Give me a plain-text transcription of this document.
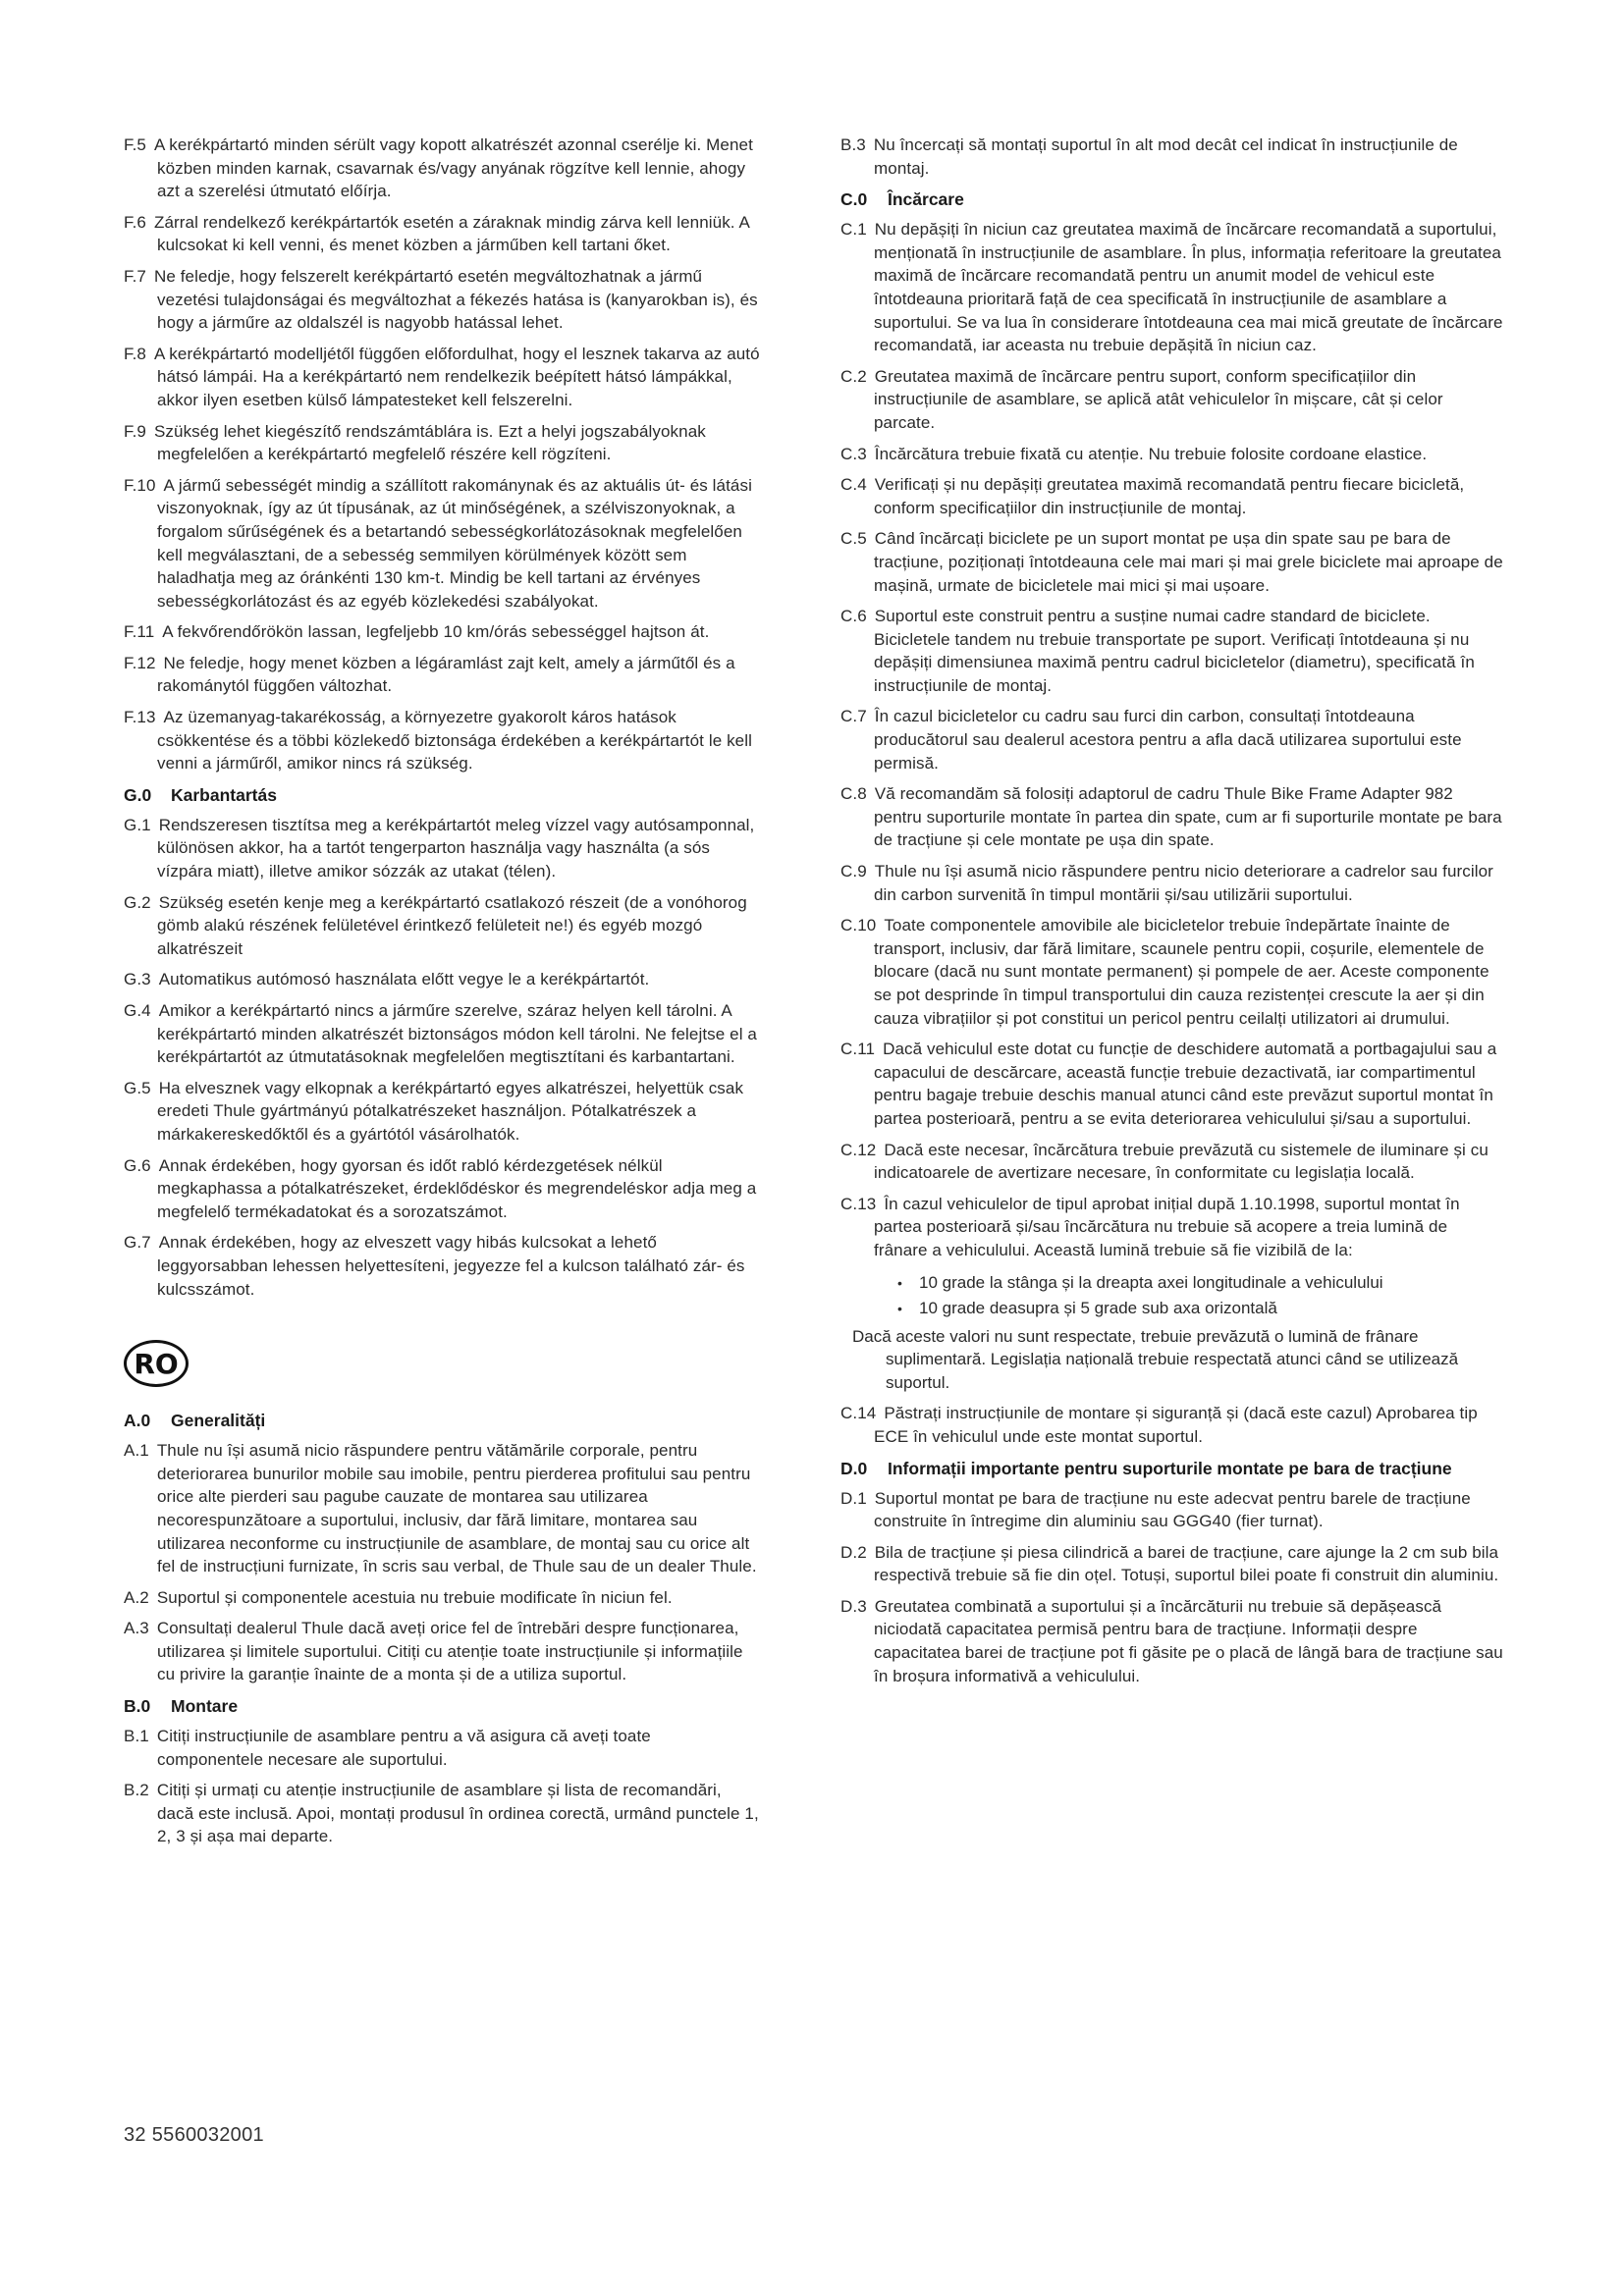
F.5 A kerékpártartó minden sérült vagy kopott alkatrészét azonnal cserélje ki. Menet közben minden karnak, csavarnak és/vagy anyának rögzítve kell lennie, ahogy azt a szerelési útmutató előírja.

F.6 Zárral rendelkező kerékpártartók esetén a záraknak mindig zárva kell lenniük. A kulcsokat ki kell venni, és menet közben a járműben kell tartani őket.

F.7 Ne feledje, hogy felszerelt kerékpártartó esetén megváltozhatnak a jármű vezetési tulajdonságai és megváltozhat a fékezés hatása is (kanyarokban is), és hogy a járműre az oldalszél is nagyobb hatással lehet.

F.8 A kerékpártartó modelljétől függően előfordulhat, hogy el lesznek takarva az autó hátsó lámpái. Ha a kerékpártartó nem rendelkezik beépített hátsó lámpákkal, akkor ilyen esetben külső lámpatesteket kell felszerelni.

F.9 Szükség lehet kiegészítő rendszámtáblára is. Ezt a helyi jogszabályoknak megfelelően a kerékpártartó megfelelő részére kell rögzíteni.

F.10 A jármű sebességét mindig a szállított rakománynak és az aktuális út- és látási viszonyoknak, így az út típusának, az út minőségének, a szélviszonyoknak, a forgalom sűrűségének és a betartandó sebességkorlátozásoknak megfelelően kell megválasztani, de a sebesség semmilyen körülmények között sem haladhatja meg az óránkénti 130 km-t. Mindig be kell tartani az érvényes sebességkorlátozást és az egyéb közlekedési szabályokat.

F.11 A fekvőrendőrökön lassan, legfeljebb 10 km/órás sebességgel hajtson át.

F.12 Ne feledje, hogy menet közben a légáramlást zajt kelt, amely a járműtől és a rakománytól függően változhat.

F.13 Az üzemanyag-takarékosság, a környezetre gyakorolt káros hatások csökkentése és a többi közlekedő biztonsága érdekében a kerékpártartót le kell venni a járműről, amikor nincs rá szükség.

G.0 Karbantartás

G.1 Rendszeresen tisztítsa meg a kerékpártartót meleg vízzel vagy autósamponnal, különösen akkor, ha a tartót tengerparton használja vagy használta (a sós vízpára miatt), illetve amikor sózzák az utakat (télen).

G.2 Szükség esetén kenje meg a kerékpártartó csatlakozó részeit (de a vonóhorog gömb alakú részének felületével érintkező felületeit ne!) és egyéb mozgó alkatrészeit

G.3 Automatikus autómosó használata előtt vegye le a kerékpártartót.

G.4 Amikor a kerékpártartó nincs a járműre szerelve, száraz helyen kell tárolni. A kerékpártartó minden alkatrészét biztonságos módon kell tárolni. Ne felejtse el a kerékpártartót az útmutatásoknak megfelelően megtisztítani és karbantartani.

G.5 Ha elvesznek vagy elkopnak a kerékpártartó egyes alkatrészei, helyettük csak eredeti Thule gyártmányú pótalkatrészeket használjon. Pótalkatrészek a márkakereskedőktől és a gyártótól vásárolhatók.

G.6 Annak érdekében, hogy gyorsan és időt rabló kérdezgetések nélkül megkaphassa a pótalkatrészeket, érdeklődéskor és megrendeléskor adja meg a megfelelő termékadatokat és a sorozatszámot.

G.7 Annak érdekében, hogy az elveszett vagy hibás kulcsokat a lehető leggyorsabban lehessen helyettesíteni, jegyezze fel a kulcson található zár- és kulcsszámot.

RO
A.0 Generalități

A.1 Thule nu își asumă nicio răspundere pentru vătămările corporale, pentru deteriorarea bunurilor mobile sau imobile, pentru pierderea profitului sau pentru orice alte pierderi sau pagube cauzate de montarea sau utilizarea necorespunzătoare a suportului, inclusiv, dar fără limitare, montarea sau utilizarea neconforme cu instrucțiunile de asamblare, de montaj sau cu orice alt fel de instrucțiuni furnizate, în scris sau verbal, de Thule sau de un dealer Thule.

A.2 Suportul și componentele acestuia nu trebuie modificate în niciun fel.

A.3 Consultați dealerul Thule dacă aveți orice fel de întrebări despre funcționarea, utilizarea și limitele suportului. Citiți cu atenție toate instrucțiunile și informațiile cu privire la garanție înainte de a monta și de a utiliza suportul.

B.0 Montare

B.1 Citiți instrucțiunile de asamblare pentru a vă asigura că aveți toate componentele necesare ale suportului.

B.2 Citiți și urmați cu atenție instrucțiunile de asamblare și lista de recomandări, dacă este inclusă. Apoi, montați produsul în ordinea corectă, urmând punctele 1, 2, 3 și așa mai departe.

B.3 Nu încercați să montați suportul în alt mod decât cel indicat în instrucțiunile de montaj.

C.0 Încărcare

C.1 Nu depășiți în niciun caz greutatea maximă de încărcare recomandată a suportului, menționată în instrucțiunile de asamblare. În plus, informația referitoare la greutatea maximă de încărcare recomandată pentru un anumit model de vehicul este întotdeauna prioritară față de cea specificată în instrucțiunile de asamblare a suportului. Se va lua în considerare întotdeauna cea mai mică greutate de încărcare recomandată, iar aceasta nu trebuie depășită în niciun caz.

C.2 Greutatea maximă de încărcare pentru suport, conform specificațiilor din instrucțiunile de asamblare, se aplică atât vehiculelor în mișcare, cât și celor parcate.

C.3 Încărcătura trebuie fixată cu atenție. Nu trebuie folosite cordoane elastice.

C.4 Verificați și nu depășiți greutatea maximă recomandată pentru fiecare bicicletă, conform specificațiilor din instrucțiunile de montaj.

C.5 Când încărcați biciclete pe un suport montat pe ușa din spate sau pe bara de tracțiune, poziționați întotdeauna cele mai mari și mai grele biciclete mai aproape de mașină, urmate de bicicletele mai mici și mai ușoare.

C.6 Suportul este construit pentru a susține numai cadre standard de biciclete. Bicicletele tandem nu trebuie transportate pe suport. Verificați întotdeauna și nu depășiți dimensiunea maximă pentru cadrul bicicletelor (diametru), specificată în instrucțiunile de montaj.

C.7 În cazul bicicletelor cu cadru sau furci din carbon, consultați întotdeauna producătorul sau dealerul acestora pentru a afla dacă utilizarea suportului este permisă.

C.8 Vă recomandăm să folosiți adaptorul de cadru Thule Bike Frame Adapter 982 pentru suporturile montate în partea din spate, cum ar fi suporturile montate pe bara de tracțiune și cele montate pe ușa din spate.

C.9 Thule nu își asumă nicio răspundere pentru nicio deteriorare a cadrelor sau furcilor din carbon survenită în timpul montării și/sau utilizării suportului.

C.10 Toate componentele amovibile ale bicicletelor trebuie îndepărtate înainte de transport, inclusiv, dar fără limitare, scaunele pentru copii, coșurile, elementele de blocare (dacă nu sunt montate permanent) și pompele de aer. Aceste componente se pot desprinde în timpul transportului din cauza rezistenței crescute la aer și din cauza vibrațiilor și pot constitui un pericol pentru ceilalți utilizatori ai drumului.

C.11 Dacă vehiculul este dotat cu funcție de deschidere automată a portbagajului sau a capacului de descărcare, această funcție trebuie dezactivată, iar compartimentul pentru bagaje trebuie deschis manual atunci când este prevăzut suportul montat în partea posterioară, pentru a se evita deteriorarea vehiculului și/sau a suportului.

C.12 Dacă este necesar, încărcătura trebuie prevăzută cu sistemele de iluminare și cu indicatoarele de avertizare necesare, în conformitate cu legislația locală.

C.13 În cazul vehiculelor de tipul aprobat inițial după 1.10.1998, suportul montat în partea posterioară și/sau încărcătura nu trebuie să acopere a treia lumină de frânare a vehiculului. Această lumină trebuie să fie vizibilă de la:

• 10 grade la stânga și la dreapta axei longitudinale a vehiculului
• 10 grade deasupra și 5 grade sub axa orizontală

Dacă aceste valori nu sunt respectate, trebuie prevăzută o lumină de frânare suplimentară. Legislația națională trebuie respectată atunci când se utilizează suportul.

C.14 Păstrați instrucțiunile de montare și siguranță și (dacă este cazul) Aprobarea tip ECE în vehiculul unde este montat suportul.

D.0	Informații importante pentru suporturile montate pe bara de tracțiune

D.1 Suportul montat pe bara de tracțiune nu este adecvat pentru barele de tracțiune construite în întregime din aluminiu sau GGG40 (fier turnat).

D.2 Bila de tracțiune și piesa cilindrică a barei de tracțiune, care ajunge la 2 cm sub bila respectivă trebuie să fie din oțel. Totuși, suportul bilei poate fi construit din aluminiu.

D.3 Greutatea combinată a suportului și a încărcăturii nu trebuie să depășească niciodată capacitatea permisă pentru bara de tracțiune. Informații despre capacitatea barei de tracțiune pot fi găsite pe o placă de lângă bara de tracțiune sau în broșura informativă a vehiculului.

32 5560032001
